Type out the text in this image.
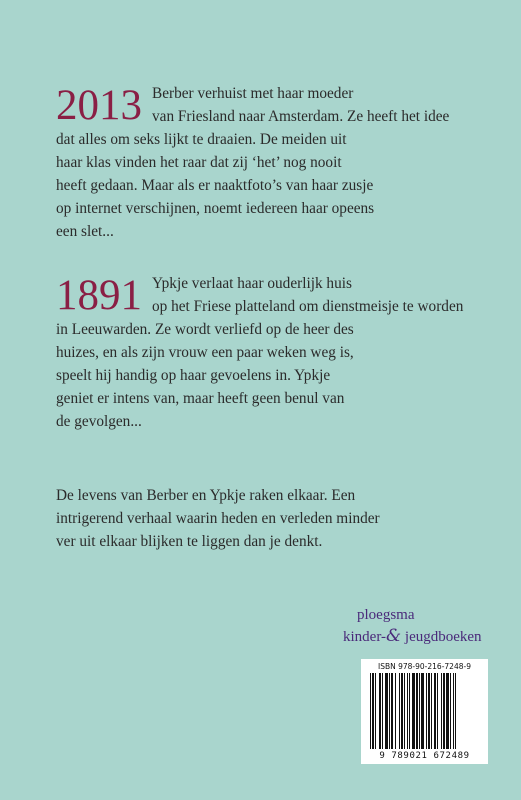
2013 Berber verhuist met haar moeder
van Friesland naar Amsterdam. Ze heeft het idee
dat alles om seks lijkt te draaien. De meiden uit
haar klas vinden het raar dat zij ‘het’ nog nooit
heeft gedaan. Maar als er naaktfoto’s van haar zusje
op internet verschijnen, noemt iedereen haar opeens
een slet...

1891 Ypkje verlaat haar ouderlijk huis
op het Friese platteland om dienstmeisje te worden
in Leeuwarden. Ze wordt verliefd op de heer des
huizes, en als zijn vrouw een paar weken weg is,
speelt hij handig op haar gevoelens in. Ypkje
geniet er intens van, maar heeft geen benul van
de gevolgen...

De levens van Berber en Ypkje raken elkaar. Een
intrigerend verhaal waarin heden en verleden minder
ver uit elkaar blijken te liggen dan je denkt.

ploegsma
kinder-& jeugdboeken
ISBN 978-90-216-7248-9
9 789021 672489
